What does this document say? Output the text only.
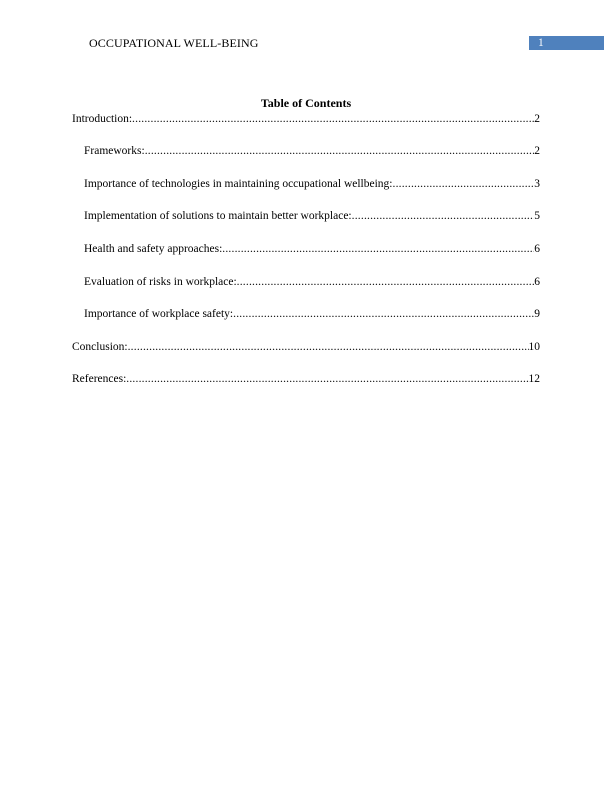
OCCUPATIONAL WELL-BEING	1
Table of Contents
Introduction: .....	2
Frameworks: .....	2
Importance of technologies in maintaining occupational wellbeing: .....	3
Implementation of solutions to maintain better workplace: .....	5
Health and safety approaches: .....	6
Evaluation of risks in workplace: .....	6
Importance of workplace safety: .....	9
Conclusion: .....	10
References: .....	12
